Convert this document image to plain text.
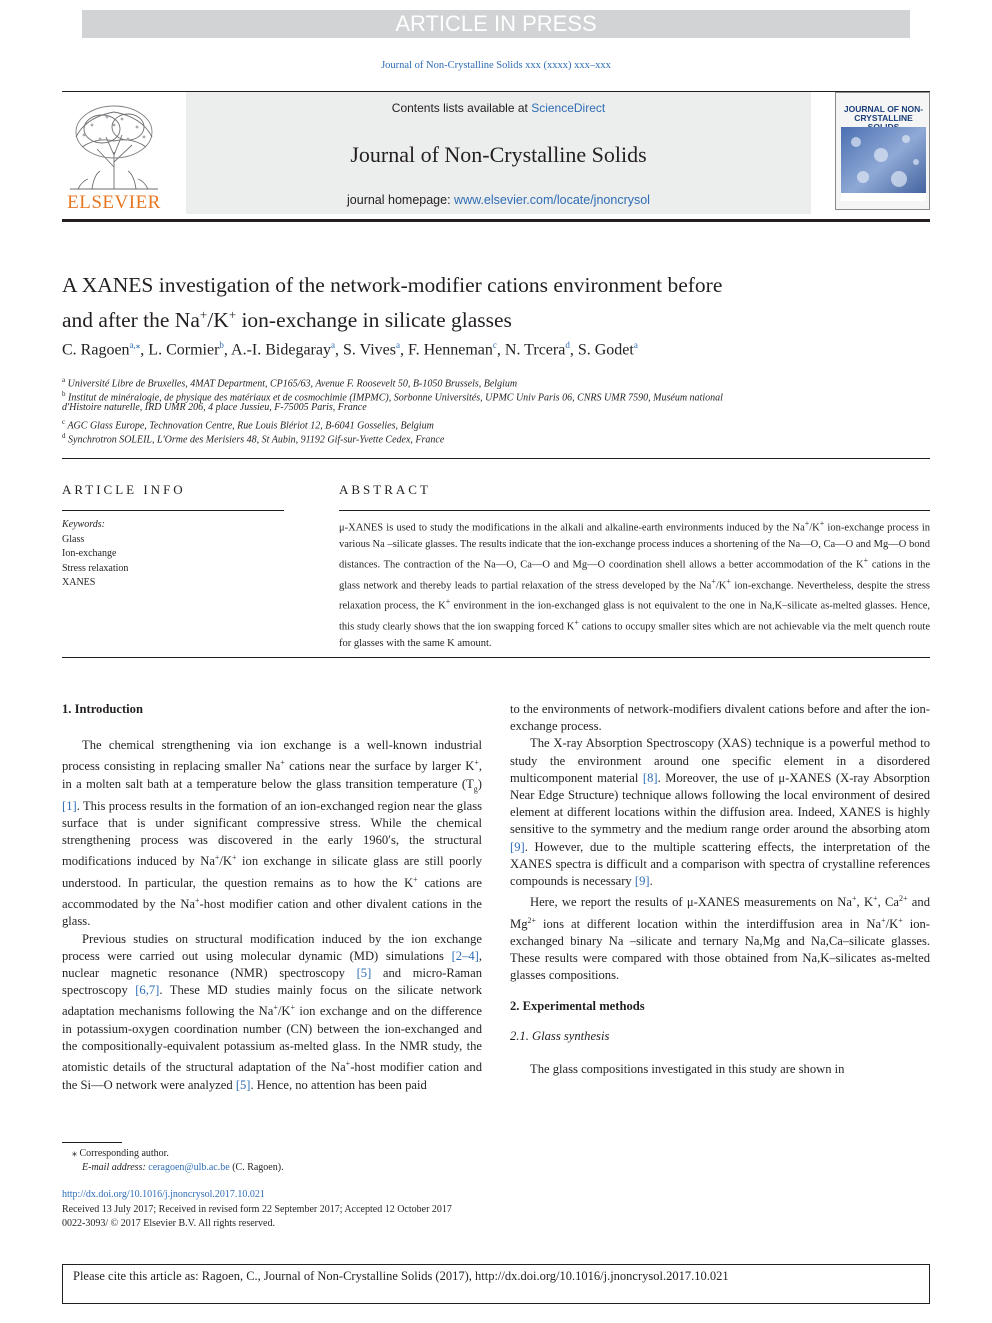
ARTICLE IN PRESS
Journal of Non-Crystalline Solids xxx (xxxx) xxx–xxx
Contents lists available at ScienceDirect
Journal of Non-Crystalline Solids
journal homepage: www.elsevier.com/locate/jnoncrysol
ELSEVIER
JOURNAL OF NON-CRYSTALLINE
A XANES investigation of the network-modifier cations environment before
and after the Na+/K+ ion-exchange in silicate glasses
C. Ragoen$^{a,⁎}$, L. Cormier$^b$, A.-I. Bidegaray$^a$, S. Vives$^a$, F. Henneman$^c$, N. Trcera$^d$, S. Godet$^a$
$^a$ Université Libre de Bruxelles, 4MAT Department, CP165/63, Avenue F. Roosevelt 50, B-1050 Brussels, Belgium
$^b$ Institut de minéralogie, de physique des matériaux et de cosmochimie (IMPMC), Sorbonne Universités, UPMC Univ Paris 06, CNRS UMR 7590, Muséum national
d'Histoire naturelle, IRD UMR 206, 4 place Jussieu, F-75005 Paris, France
$^c$ AGC Glass Europe, Technovation Centre, Rue Louis Blériot 12, B-6041 Gosselies, Belgium
$^d$ Synchrotron SOLEIL, L'Orme des Merisiers 48, St Aubin, 91192 Gif-sur-Yvette Cedex, France
ARTICLE INFO
Keywords:
Glass
Ion-exchange
Stress relaxation
XANES
ABSTRACT
μ-XANES is used to study the modifications in the alkali and alkaline-earth environments induced by the Na+/K+ ion-exchange process in various Na –silicate glasses. The results indicate that the ion-exchange process induces a shortening of the Na—O, Ca—O and Mg—O bond distances. The contraction of the Na—O, Ca—O and Mg—O coordination shell allows a better accommodation of the K+ cations in the glass network and thereby leads to partial relaxation of the stress developed by the Na+/K+ ion-exchange. Nevertheless, despite the stress relaxation process, the K+ environment in the ion-exchanged glass is not equivalent to the one in Na,K–silicate as-melted glasses. Hence, this study clearly shows that the ion swapping forced K+ cations to occupy smaller sites which are not achievable via the melt quench route for glasses with the same K amount.
1. Introduction

The chemical strengthening via ion exchange is a well-known industrial process consisting in replacing smaller Na+ cations near the surface by larger K+, in a molten salt bath at a temperature below the glass transition temperature $(T_g)$ [1]. This process results in the formation of an ion-exchanged region near the glass surface that is under significant compressive stress. While the chemical strengthening process was discovered in the early 1960′s, the structural modifications induced by Na+/K+ ion exchange in silicate glass are still poorly understood. In particular, the question remains as to how the K+ cations are accommodated by the Na+-host modifier cation and other divalent cations in the glass.

Previous studies on structural modification induced by the ion exchange process were carried out using molecular dynamic (MD) simulations [2–4], nuclear magnetic resonance (NMR) spectroscopy [5] and micro-Raman spectroscopy [6,7]. These MD studies mainly focus on the silicate network adaptation mechanisms following the Na+/K+ ion exchange and on the difference in potassium-oxygen coordination number (CN) between the ion-exchanged and the compositionally-equivalent potassium as-melted glass. In the NMR study, the atomistic details of the structural adaptation of the Na+-host modifier cation and the Si—O network were analyzed [5]. Hence, no attention has been paid

to the environments of network-modifiers divalent cations before and after the ion-exchange process.

The X-ray Absorption Spectroscopy (XAS) technique is a powerful method to study the environment around one specific element in a disordered multicomponent material [8]. Moreover, the use of μ-XANES (X-ray Absorption Near Edge Structure) technique allows following the local environment of desired element at different locations within the diffusion area. Indeed, XANES is highly sensitive to the symmetry and the medium range order around the absorbing atom [9]. However, due to the multiple scattering effects, the interpretation of the XANES spectra is difficult and a comparison with spectra of crystalline references compounds is necessary [9].

Here, we report the results of μ-XANES measurements on Na+, K+, $Ca^{2+}$ and $Mg^{2+}$ ions at different location within the interdiffusion area in Na+/K+ ion-exchanged binary Na –silicate and ternary Na,Mg and Na,Ca–silicate glasses. These results were compared with those obtained from Na,K–silicates as-melted glasses compositions.

2. Experimental methods
2.1. Glass synthesis

The glass compositions investigated in this study are shown in

⁎ Corresponding author.
E-mail address: ceragoen@ulb.ac.be (C. Ragoen).
http://dx.doi.org/10.1016/j.jnoncrysol.2017.10.021
Received 13 July 2017; Received in revised form 22 September 2017; Accepted 12 October 2017
0022-3093/ © 2017 Elsevier B.V. All rights reserved.
Please cite this article as: Ragoen, C., Journal of Non-Crystalline Solids (2017), http://dx.doi.org/10.1016/j.jnoncrysol.2017.10.021
